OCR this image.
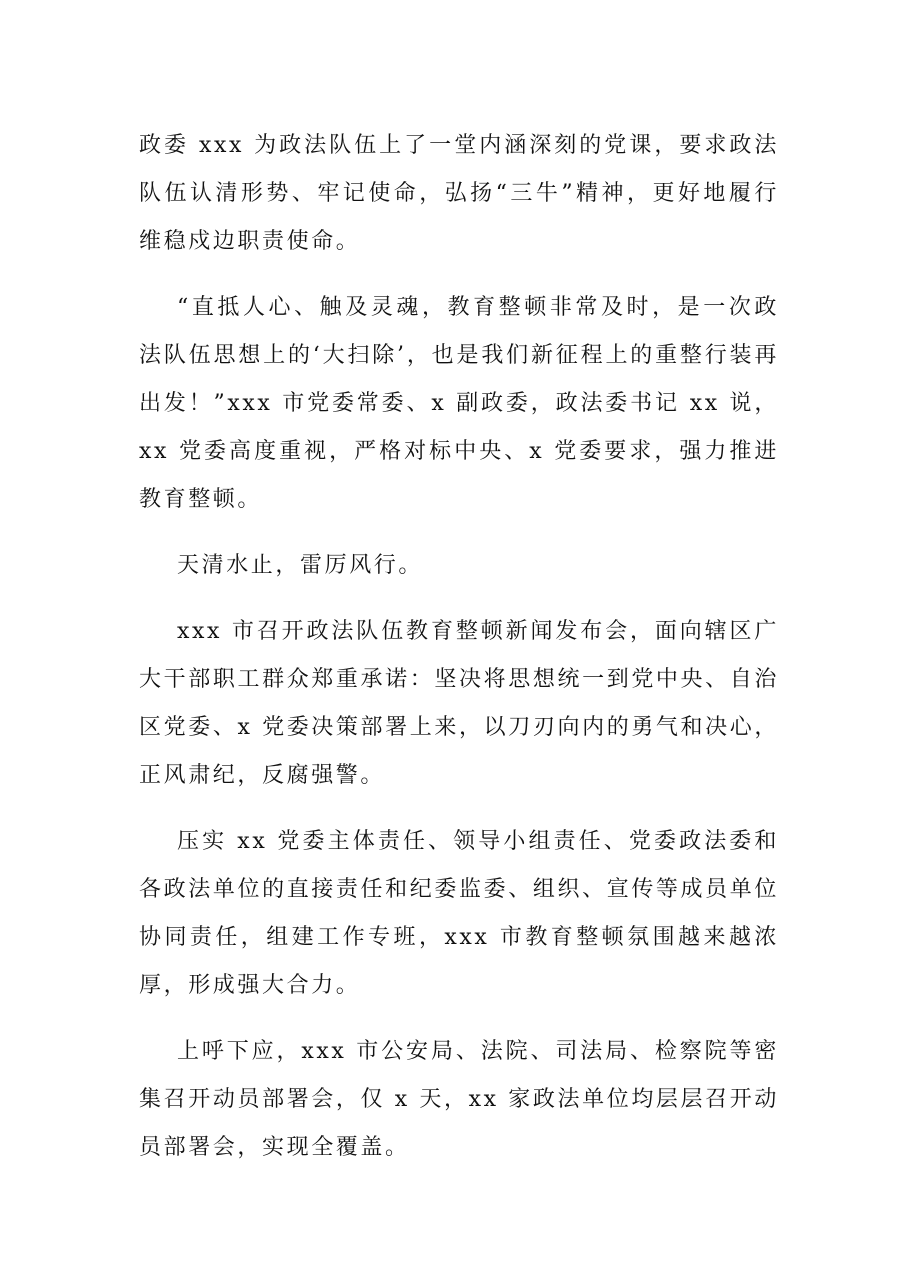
政委 xxx 为政法队伍上了一堂内涵深刻的党课，要求政法队伍认清形势、牢记使命，弘扬“三牛”精神，更好地履行维稳戍边职责使命。

“直抵人心、触及灵魂，教育整顿非常及时，是一次政法队伍思想上的‘大扫除’，也是我们新征程上的重整行装再出发！”xxx 市党委常委、x 副政委，政法委书记 xx 说，xx 党委高度重视，严格对标中央、x 党委要求，强力推进教育整顿。

天清水止，雷厉风行。

xxx 市召开政法队伍教育整顿新闻发布会，面向辖区广大干部职工群众郑重承诺：坚决将思想统一到党中央、自治区党委、x 党委决策部署上来，以刀刃向内的勇气和决心，正风肃纪，反腐强警。

压实 xx 党委主体责任、领导小组责任、党委政法委和各政法单位的直接责任和纪委监委、组织、宣传等成员单位协同责任，组建工作专班，xxx 市教育整顿氛围越来越浓厚，形成强大合力。

上呼下应，xxx 市公安局、法院、司法局、检察院等密集召开动员部署会，仅 x 天，xx 家政法单位均层层召开动员部署会，实现全覆盖。
